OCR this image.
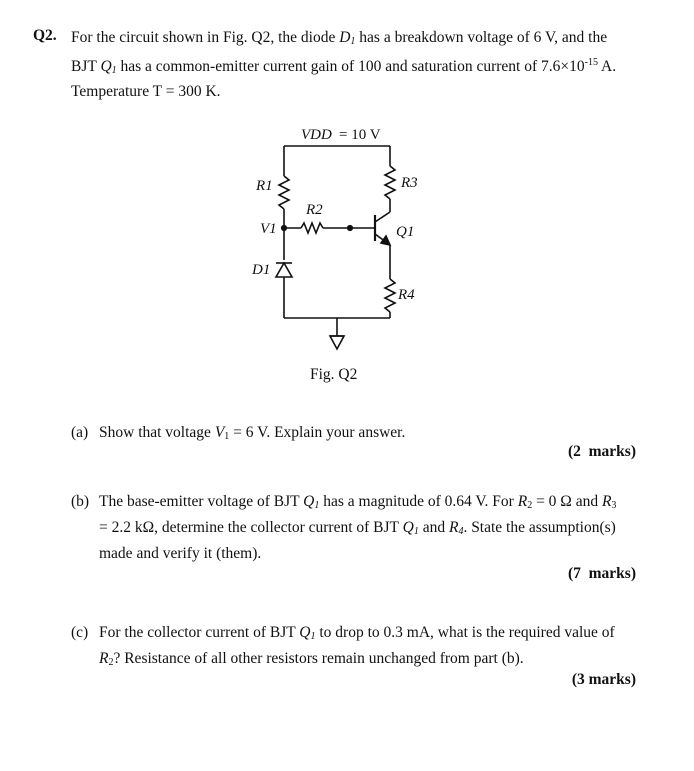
Q2. For the circuit shown in Fig. Q2, the diode $D_1$ has a breakdown voltage of 6 V, and the
BJT $Q_1$ has a common-emitter current gain of 100 and saturation current of $7.6\times 10^{-15}$ A.
Temperature T = 300 K.
VDD = 10 V
R1
R2
R3
V1	Q1
D1
R4
Fig. Q2
(a) Show that voltage $V_1 = 6$ V. Explain your answer.
(2  marks)
(b) The base-emitter voltage of BJT $Q_1$ has a magnitude of 0.64 V. For $R_2 = 0$ Ω and $R_3$
= 2.2 kΩ, determine the collector current of BJT $Q_1$ and $R_4$. State the assumption(s)
made and verify it (them).
(7  marks)
(c) For the collector current of BJT $Q_1$ to drop to 0.3 mA, what is the required value of
$R_2$? Resistance of all other resistors remain unchanged from part (b).
(3 marks)
